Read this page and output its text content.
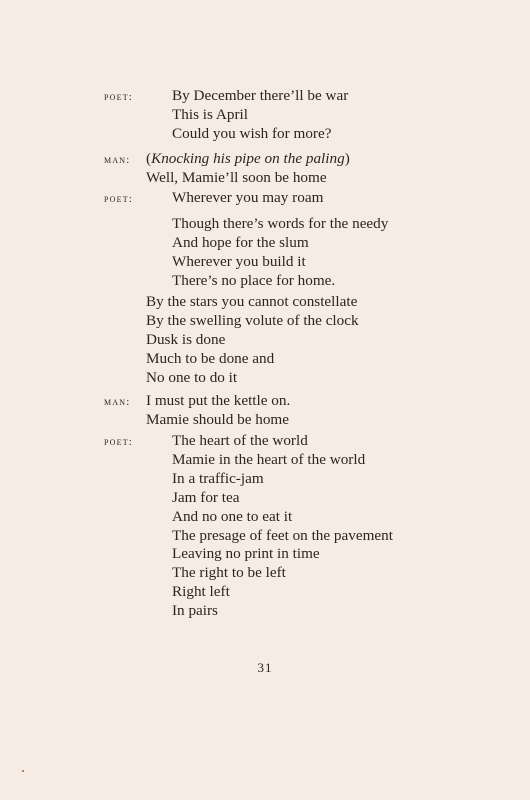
poet:	By December there’ll be war
This is April
Could you wish for more?
man: (Knocking his pipe on the paling)
Well, Mamie’ll soon be home
poet:	Wherever you may roam
Though there’s words for the needy
And hope for the slum
Wherever you build it
There’s no place for home.
By the stars you cannot constellate
By the swelling volute of the clock
Dusk is done
Much to be done and
No one to do it
man: I must put the kettle on.
Mamie should be home
poet:	The heart of the world
Mamie in the heart of the world
In a traffic-jam
Jam for tea
And no one to eat it
The presage of feet on the pavement
Leaving no print in time
The right to be left
Right left
In pairs
31
